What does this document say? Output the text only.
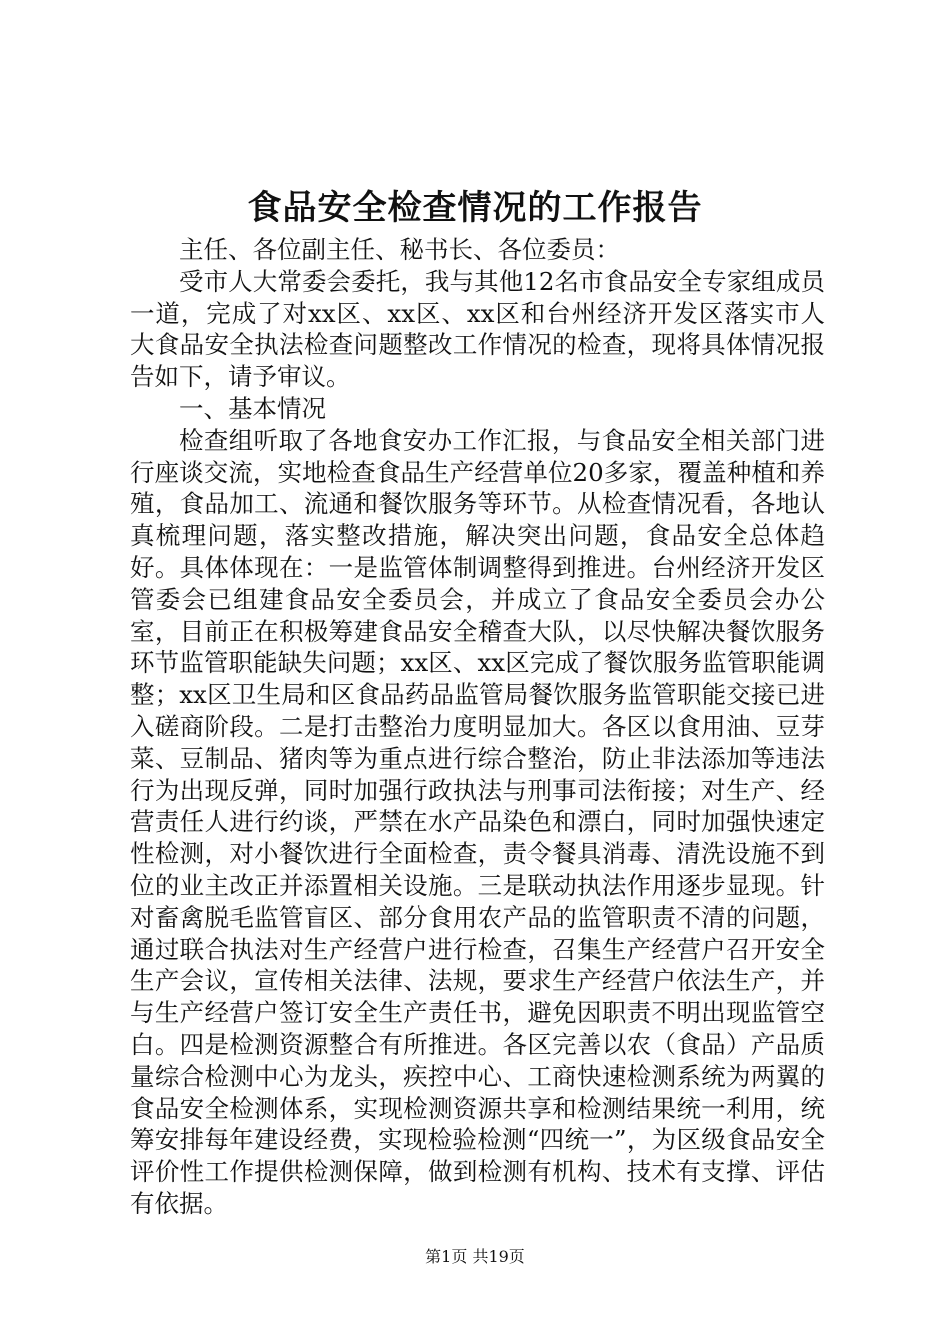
食品安全检查情况的工作报告

主任、各位副主任、秘书长、各位委员：

受市人大常委会委托，我与其他12名市食品安全专家组成员一道，完成了对xx区、xx区、xx区和台州经济开发区落实市人大食品安全执法检查问题整改工作情况的检查，现将具体情况报告如下，请予审议。

一、基本情况

检查组听取了各地食安办工作汇报，与食品安全相关部门进行座谈交流，实地检查食品生产经营单位20多家，覆盖种植和养殖，食品加工、流通和餐饮服务等环节。从检查情况看，各地认真梳理问题，落实整改措施，解决突出问题，食品安全总体趋好。具体体现在：一是监管体制调整得到推进。台州经济开发区管委会已组建食品安全委员会，并成立了食品安全委员会办公室，目前正在积极筹建食品安全稽查大队，以尽快解决餐饮服务环节监管职能缺失问题；xx区、xx区完成了餐饮服务监管职能调整；xx区卫生局和区食品药品监管局餐饮服务监管职能交接已进入磋商阶段。二是打击整治力度明显加大。各区以食用油、豆芽菜、豆制品、猪肉等为重点进行综合整治，防止非法添加等违法行为出现反弹，同时加强行政执法与刑事司法衔接；对生产、经营责任人进行约谈，严禁在水产品染色和漂白，同时加强快速定性检测，对小餐饮进行全面检查，责令餐具消毒、清洗设施不到位的业主改正并添置相关设施。三是联动执法作用逐步显现。针对畜禽脱毛监管盲区、部分食用农产品的监管职责不清的问题，通过联合执法对生产经营户进行检查，召集生产经营户召开安全生产会议，宣传相关法律、法规，要求生产经营户依法生产，并与生产经营户签订安全生产责任书，避免因职责不明出现监管空白。四是检测资源整合有所推进。各区完善以农（食品）产品质量综合检测中心为龙头，疾控中心、工商快速检测系统为两翼的食品安全检测体系，实现检测资源共享和检测结果统一利用，统筹安排每年建设经费，实现检验检测“四统一”，为区级食品安全评价性工作提供检测保障，做到检测有机构、技术有支撑、评估有依据。

第1页 共19页
